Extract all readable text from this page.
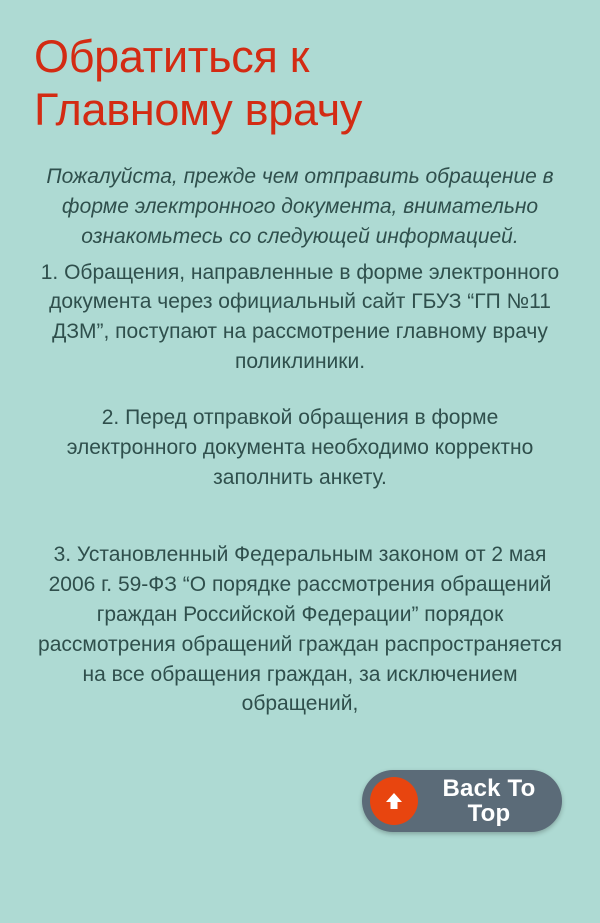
Обратиться к Главному врачу

Пожалуйста, прежде чем отправить обращение в форме электронного документа, внимательно ознакомьтесь со следующей информацией.

1. Обращения, направленные в форме электронного документа через официальный сайт ГБУЗ “ГП №11 ДЗМ”, поступают на рассмотрение главному врачу поликлиники.

2. Перед отправкой обращения в форме электронного документа необходимо корректно заполнить анкету.

3. Установленный Федеральным законом от 2 мая 2006 г. 59-ФЗ “О порядке рассмотрения обращений граждан Российской Федерации” порядок рассмотрения обращений граждан распространяется на все обращения граждан, за исключением обращений,

Back To Top
